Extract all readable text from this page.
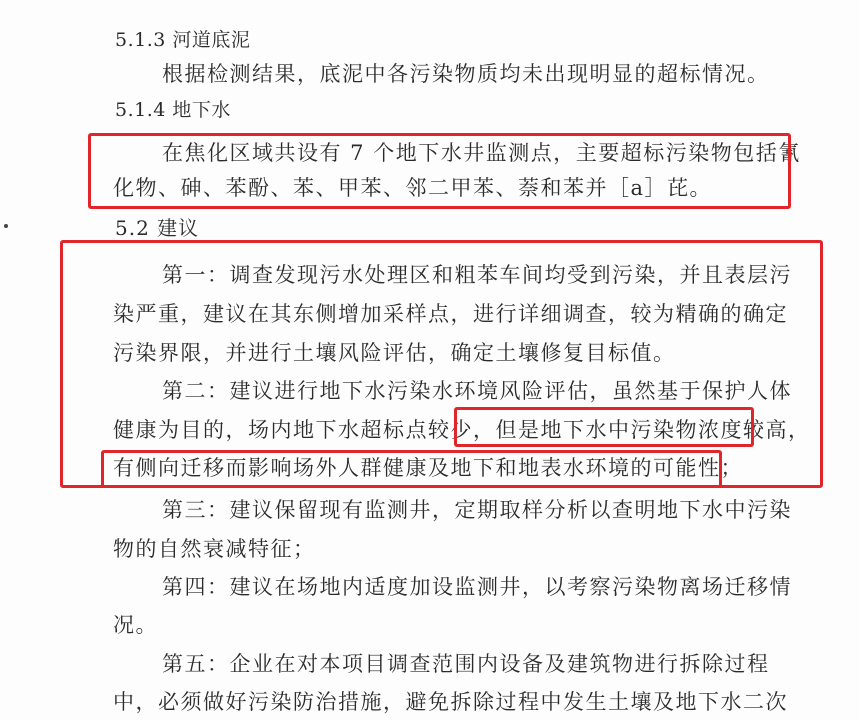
5.1.3 河道底泥
根据检测结果，底泥中各污染物质均未出现明显的超标情况。
5.1.4 地下水
在焦化区域共设有 7 个地下水井监测点，主要超标污染物包括氰
化物、砷、苯酚、苯、甲苯、邻二甲苯、萘和苯并［a］芘。
5.2 建议
第一：调查发现污水处理区和粗苯车间均受到污染，并且表层污
染严重，建议在其东侧增加采样点，进行详细调查，较为精确的确定
污染界限，并进行土壤风险评估，确定土壤修复目标值。
第二：建议进行地下水污染水环境风险评估，虽然基于保护人体
健康为目的，场内地下水超标点较少，但是地下水中污染物浓度较高，
有侧向迁移而影响场外人群健康及地下和地表水环境的可能性；
第三：建议保留现有监测井，定期取样分析以查明地下水中污染
物的自然衰减特征；
第四：建议在场地内适度加设监测井，以考察污染物离场迁移情
况。
第五：企业在对本项目调查范围内设备及建筑物进行拆除过程
中，必须做好污染防治措施，避免拆除过程中发生土壤及地下水二次
